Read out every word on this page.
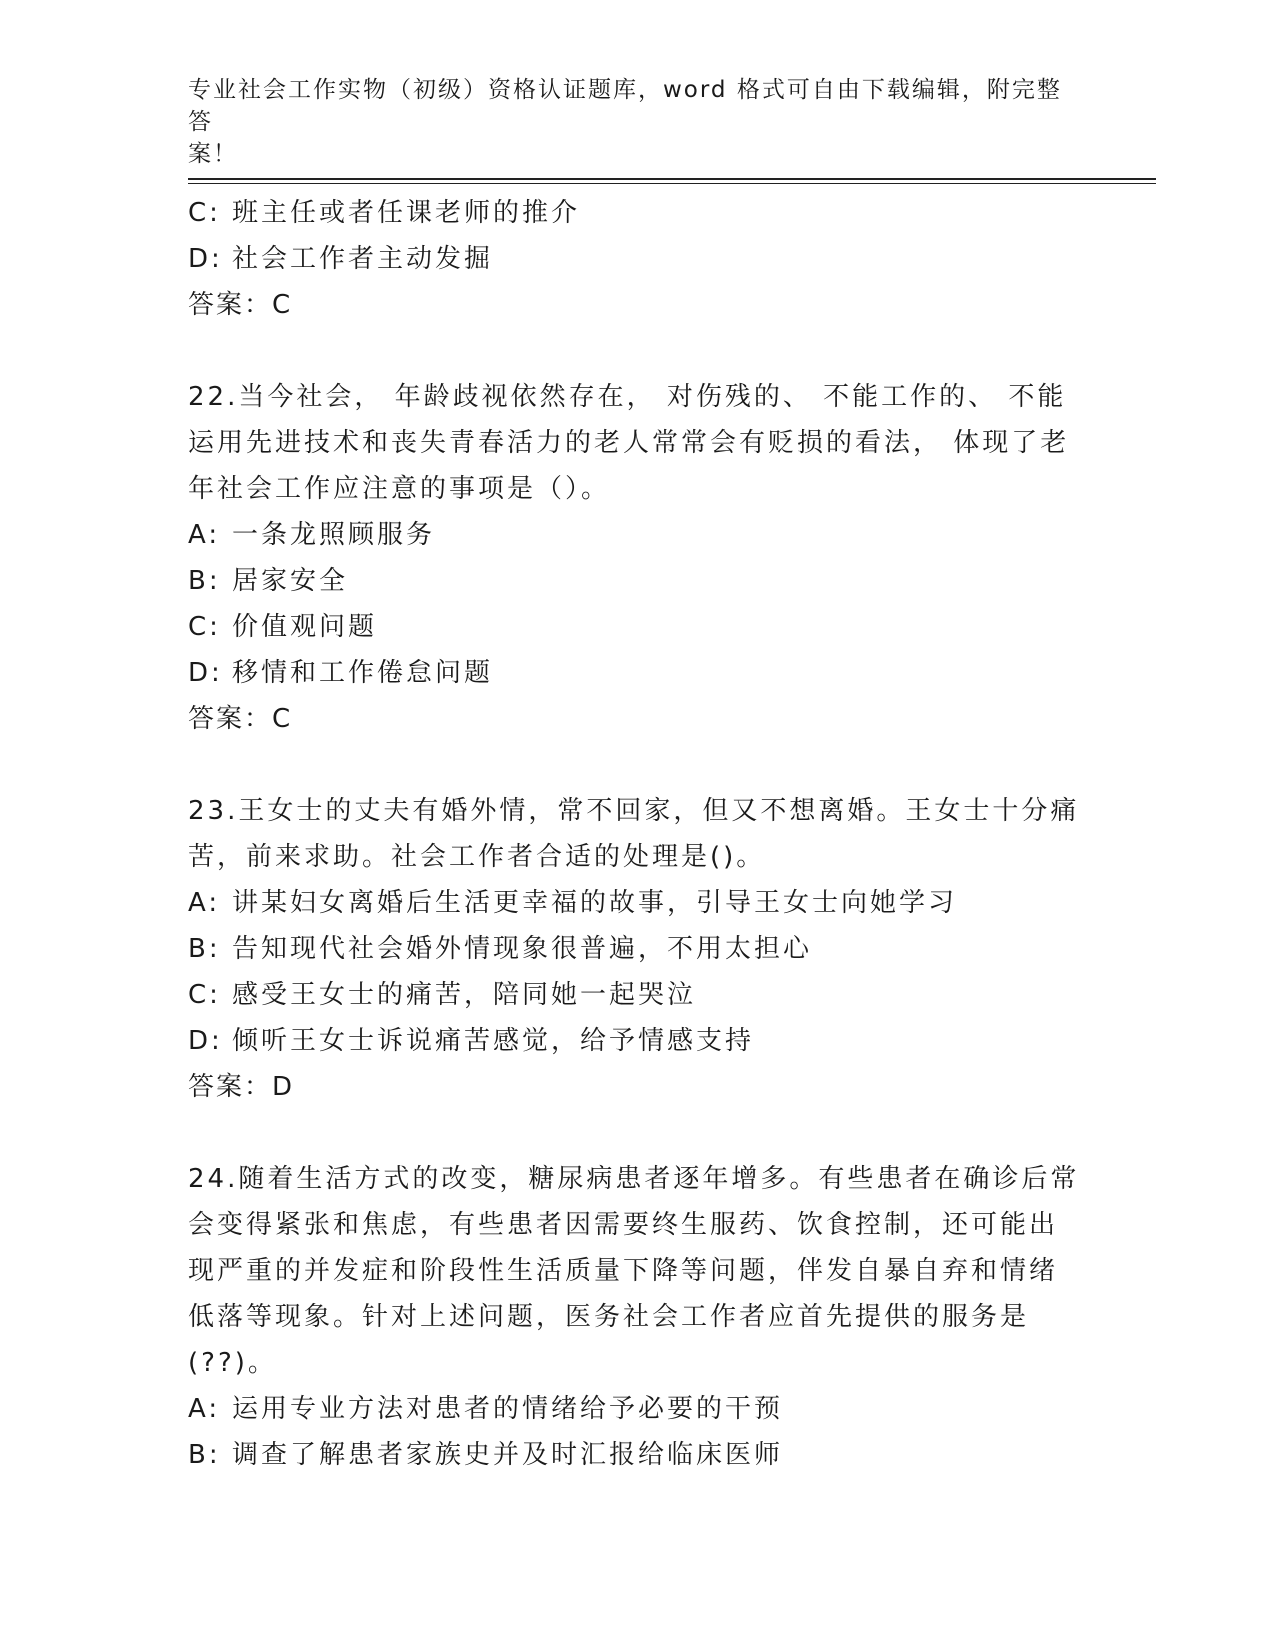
专业社会工作实物（初级）资格认证题库，word 格式可自由下载编辑，附完整答
案！
C: 班主任或者任课老师的推介
D: 社会工作者主动发掘
答案：C
22.当今社会， 年龄歧视依然存在， 对伤残的、 不能工作的、 不能
运用先进技术和丧失青春活力的老人常常会有贬损的看法， 体现了老
年社会工作应注意的事项是（）。
A: 一条龙照顾服务
B: 居家安全
C: 价值观问题
D: 移情和工作倦怠问题
答案：C
23.王女士的丈夫有婚外情，常不回家，但又不想离婚。王女士十分痛
苦，前来求助。社会工作者合适的处理是()。
A: 讲某妇女离婚后生活更幸福的故事，引导王女士向她学习
B: 告知现代社会婚外情现象很普遍，不用太担心
C: 感受王女士的痛苦，陪同她一起哭泣
D: 倾听王女士诉说痛苦感觉，给予情感支持
答案：D
24.随着生活方式的改变，糖尿病患者逐年增多。有些患者在确诊后常
会变得紧张和焦虑，有些患者因需要终生服药、饮食控制，还可能出
现严重的并发症和阶段性生活质量下降等问题，伴发自暴自弃和情绪
低落等现象。针对上述问题，医务社会工作者应首先提供的服务是
(??)。
A: 运用专业方法对患者的情绪给予必要的干预
B: 调查了解患者家族史并及时汇报给临床医师
